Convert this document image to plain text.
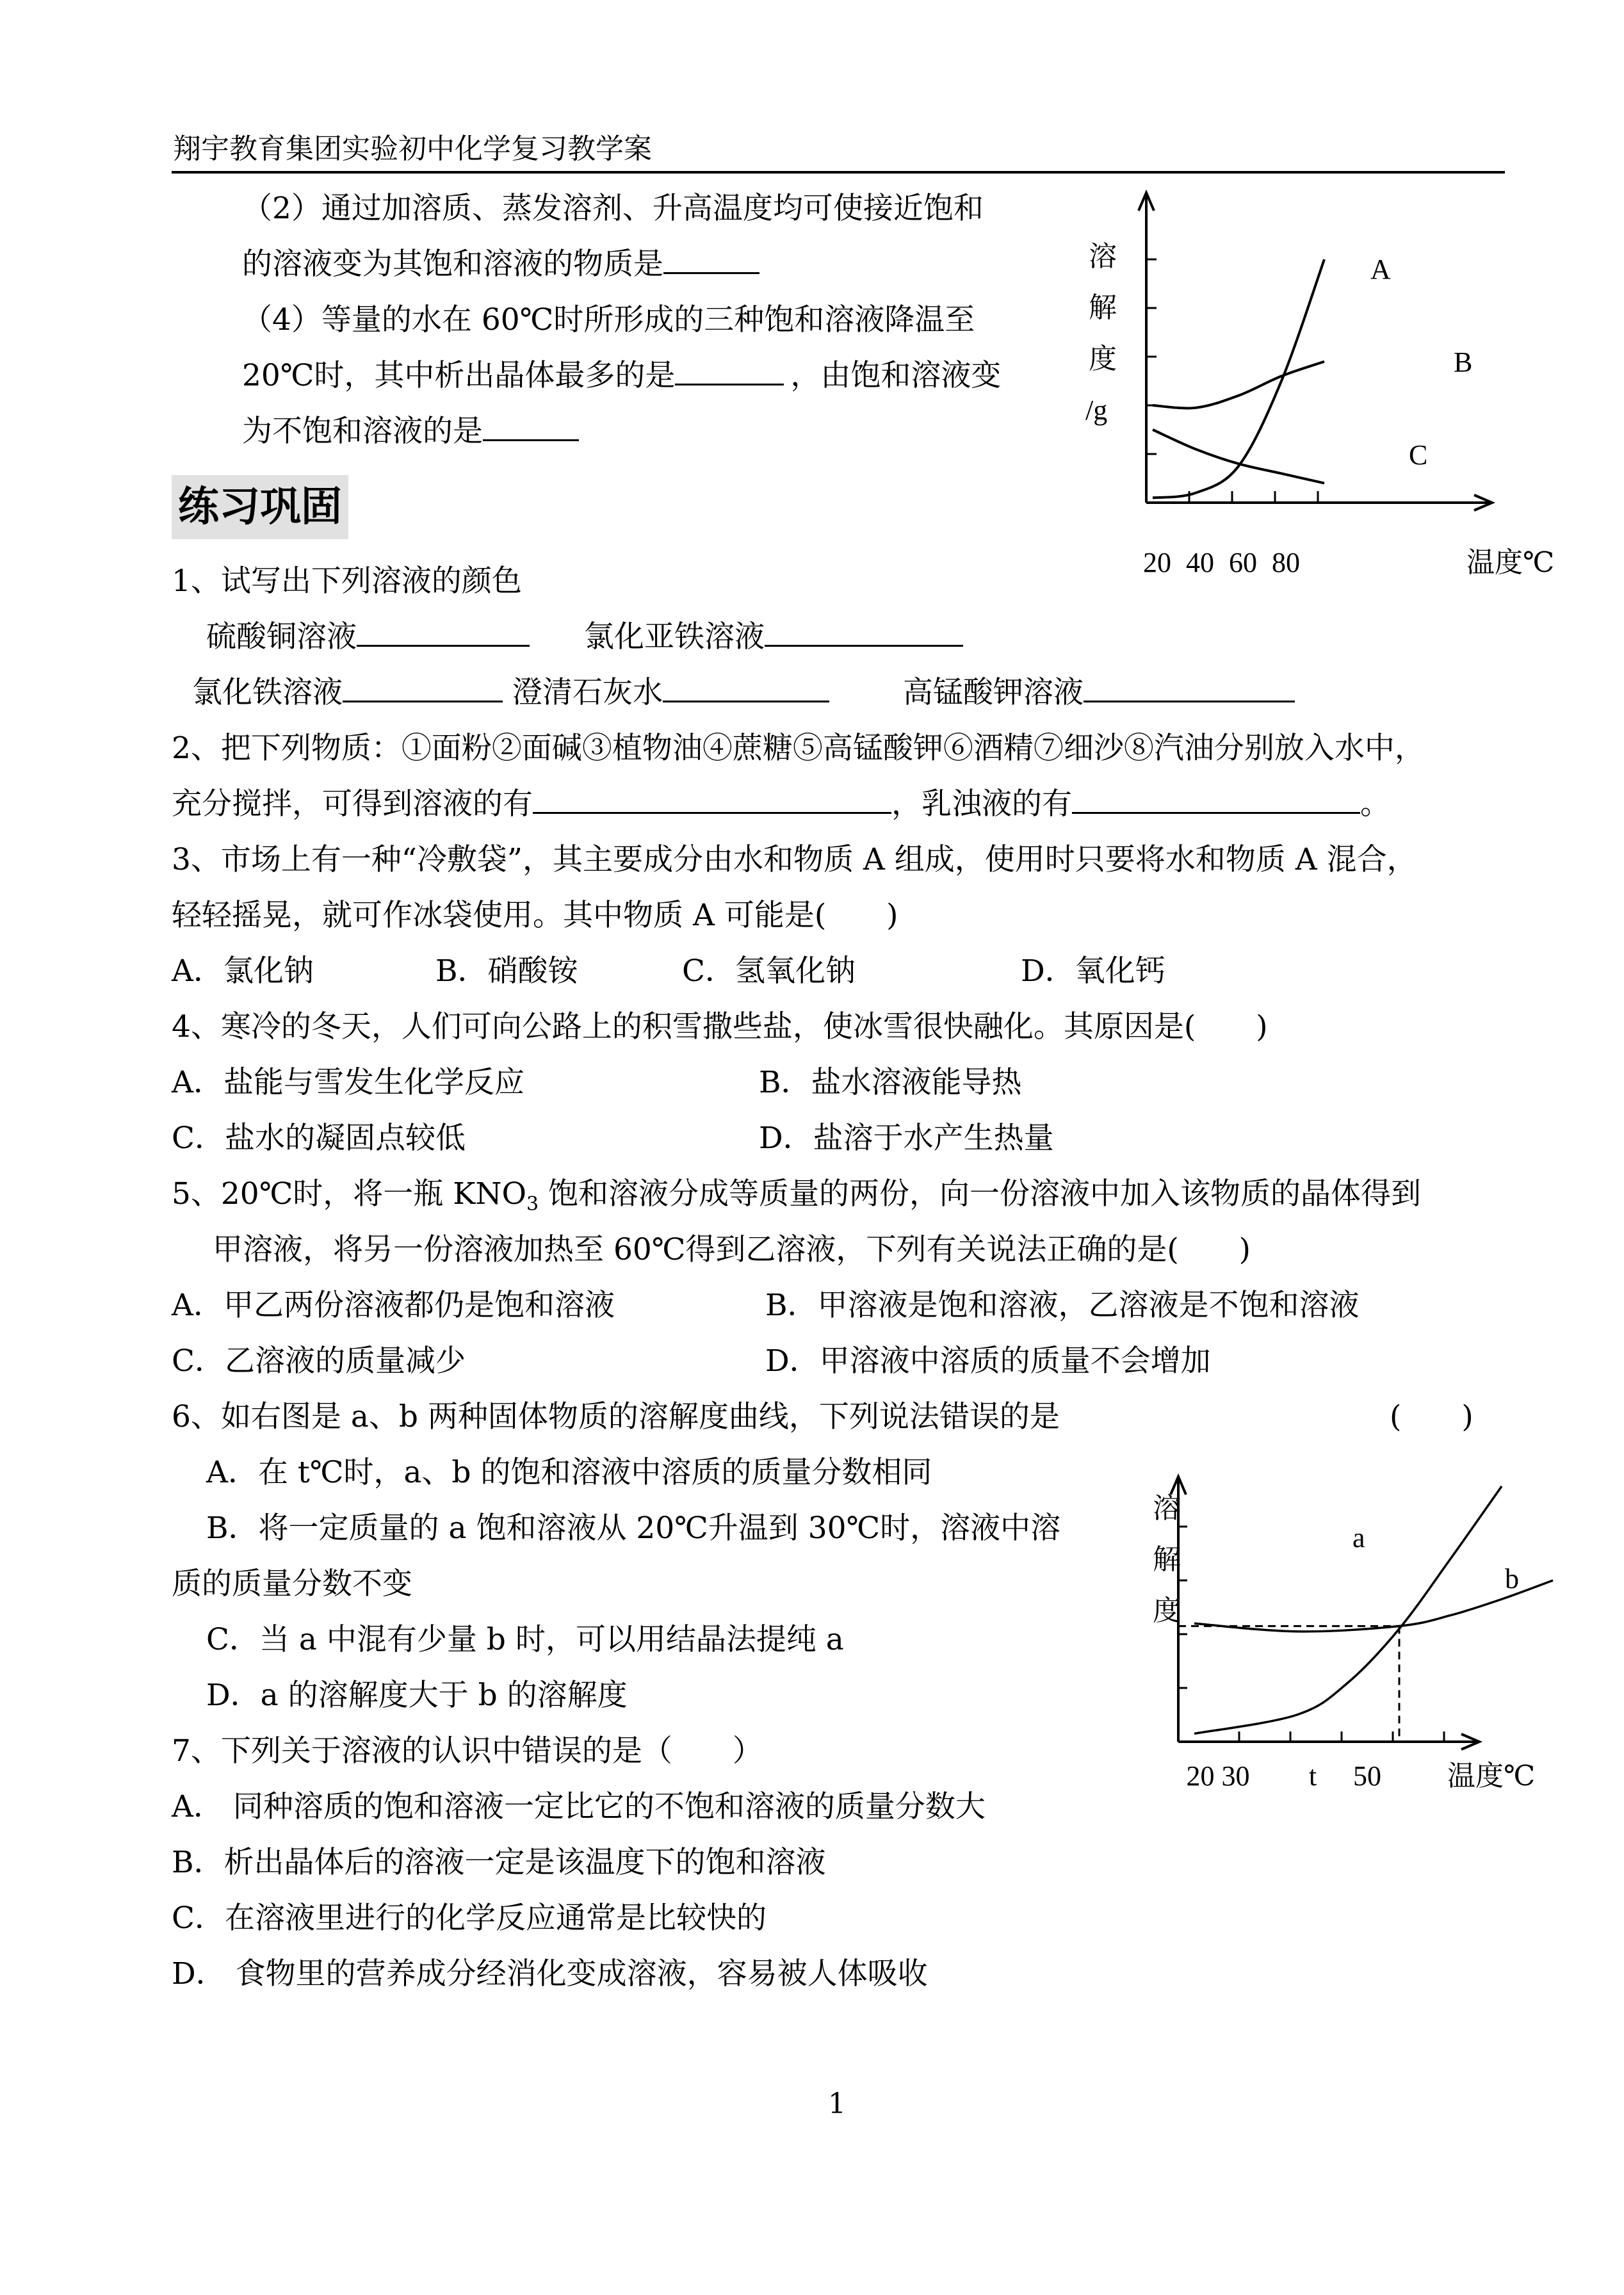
翔宇教育集团实验初中化学复习教学案
（2）通过加溶质、蒸发溶剂、升高温度均可使接近饱和
的溶液变为其饱和溶液的物质是
（4）等量的水在 60℃时所形成的三种饱和溶液降温至
20℃时，其中析出晶体最多的是	，由饱和溶液变
为不饱和溶液的是
20 40 60 80	温度℃
溶解度/g
A
B
C
练习巩固
1、试写出下列溶液的颜色
硫酸铜溶液	氯化亚铁溶液
氯化铁溶液	澄清石灰水	高锰酸钾溶液
2、把下列物质：①面粉②面碱③植物油④蔗糖⑤高锰酸钾⑥酒精⑦细沙⑧汽油分别放入水中，
充分搅拌，可得到溶液的有	，乳浊液的有	。
3、市场上有一种“冷敷袋”，其主要成分由水和物质 A 组成，使用时只要将水和物质 A 混合，
轻轻摇晃，就可作冰袋使用。其中物质 A 可能是(　　)
A．氯化钠	B．硝酸铵	C．氢氧化钠	D．氧化钙
4、寒冷的冬天，人们可向公路上的积雪撒些盐，使冰雪很快融化。其原因是(　　)
A．盐能与雪发生化学反应	B．盐水溶液能导热
C．盐水的凝固点较低	D．盐溶于水产生热量
5、20℃时，将一瓶 $KNO_3$ 饱和溶液分成等质量的两份，向一份溶液中加入该物质的晶体得到
甲溶液，将另一份溶液加热至 60℃得到乙溶液，下列有关说法正确的是(　　)
A．甲乙两份溶液都仍是饱和溶液	B．甲溶液是饱和溶液，乙溶液是不饱和溶液
C．乙溶液的质量减少	D．甲溶液中溶质的质量不会增加
6、如右图是 a、b 两种固体物质的溶解度曲线，下列说法错误的是	(　　)
A．在 t℃时，a、b 的饱和溶液中溶质的质量分数相同
B．将一定质量的 a 饱和溶液从 20℃升温到 30℃时，溶液中溶
质的质量分数不变
C．当 a 中混有少量 b 时，可以用结晶法提纯 a
D．a 的溶解度大于 b 的溶解度
20 30 t 50 温度℃
溶解度
a
b
7、下列关于溶液的认识中错误的是（　　）
A． 同种溶质的饱和溶液一定比它的不饱和溶液的质量分数大
B．析出晶体后的溶液一定是该温度下的饱和溶液
C．在溶液里进行的化学反应通常是比较快的
D． 食物里的营养成分经消化变成溶液，容易被人体吸收
1
